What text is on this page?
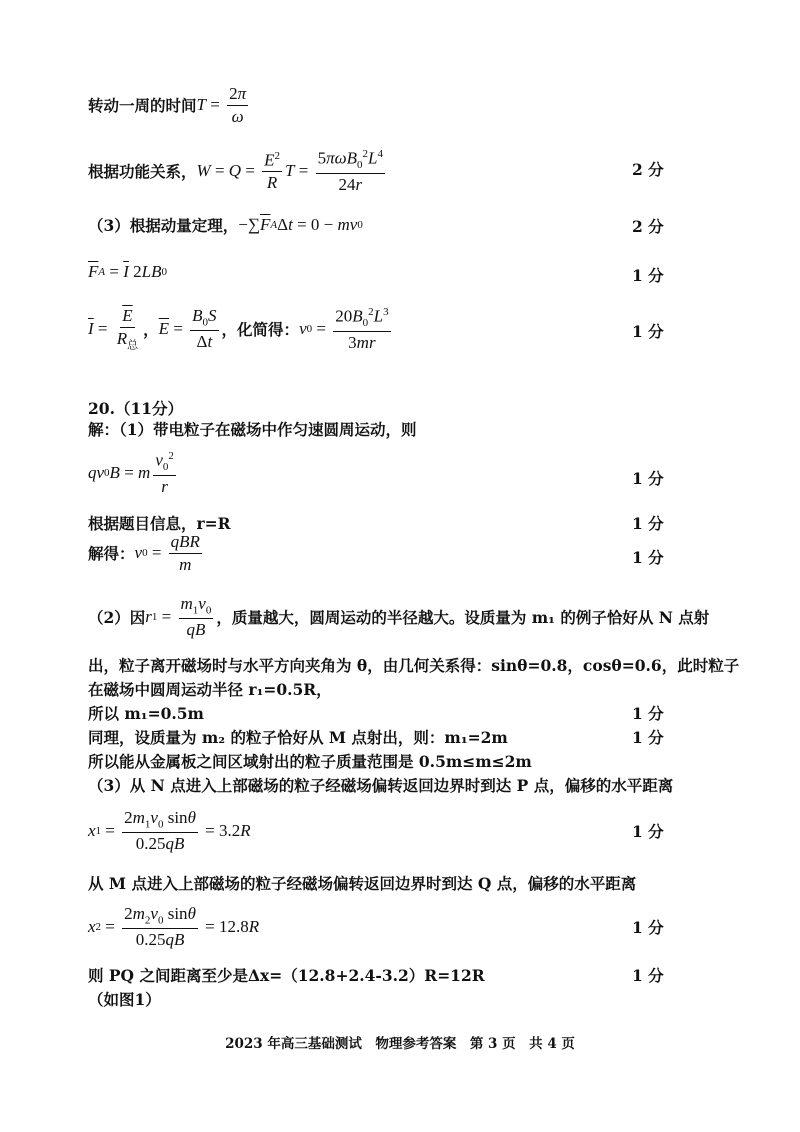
转动一周的时间 $T = \frac{2\pi}{\omega}$
根据功能关系， $W = Q = \frac{E^2}{R}$ $T = \frac{5\pi\omega B_0^2L^4}{24r}$	2 分
（3）根据动量定理， −∑ $\overline{F}$ A Δ t = 0 − mv 0	2 分
$\overline{F}$ $A = \overline{I}$ 2 LB 0	1 分
$\overline{I} = \frac{\overline{E}}{R_总}$ ， $\overline{E} = \frac{B_0S}{\Delta t}$ ，化简得： v $0 = \frac{20B_0^2L^3}{3mr}$	1 分
20.（11分）
解：（1）带电粒子在磁场中作匀速圆周运动，则
qv 0 B = m $\frac{v_0^2}{r}$	1 分
根据题目信息，r=R	1 分
解得： v $0 = \frac{\text{qBR}}{m}$	1 分
（2）因 r $1 = \frac{m_1v_0}{qB}$ ，质量越大，圆周运动的半径越大。设质量为 m₁ 的例子恰好从 N 点射
出，粒子离开磁场时与水平方向夹角为 θ，由几何关系得：sinθ=0.8，cosθ=0.6，此时粒子
在磁场中圆周运动半径 r₁=0.5R，
所以 m₁=0.5m	1 分
同理，设质量为 m₂ 的粒子恰好从 M 点射出，则：m₁=2m	1 分
所以能从金属板之间区域射出的粒子质量范围是 0.5m≤m≤2m
（3）从 N 点进入上部磁场的粒子经磁场偏转返回边界时到达 P 点，偏移的水平距离
x $1 = \frac{2m_1v_0 \sin\theta}{0.25qB} = 3.2$ R	1 分
从 M 点进入上部磁场的粒子经磁场偏转返回边界时到达 Q 点，偏移的水平距离
x $2 = \frac{2m_2v_0 \sin\theta}{0.25qB} = 12.8$ R	1 分
则 PQ 之间距离至少是Δx=（12.8+2.4-3.2）R=12R	1 分
（如图1）
2023 年高三基础测试　物理参考答案　第 3 页　共 4 页
